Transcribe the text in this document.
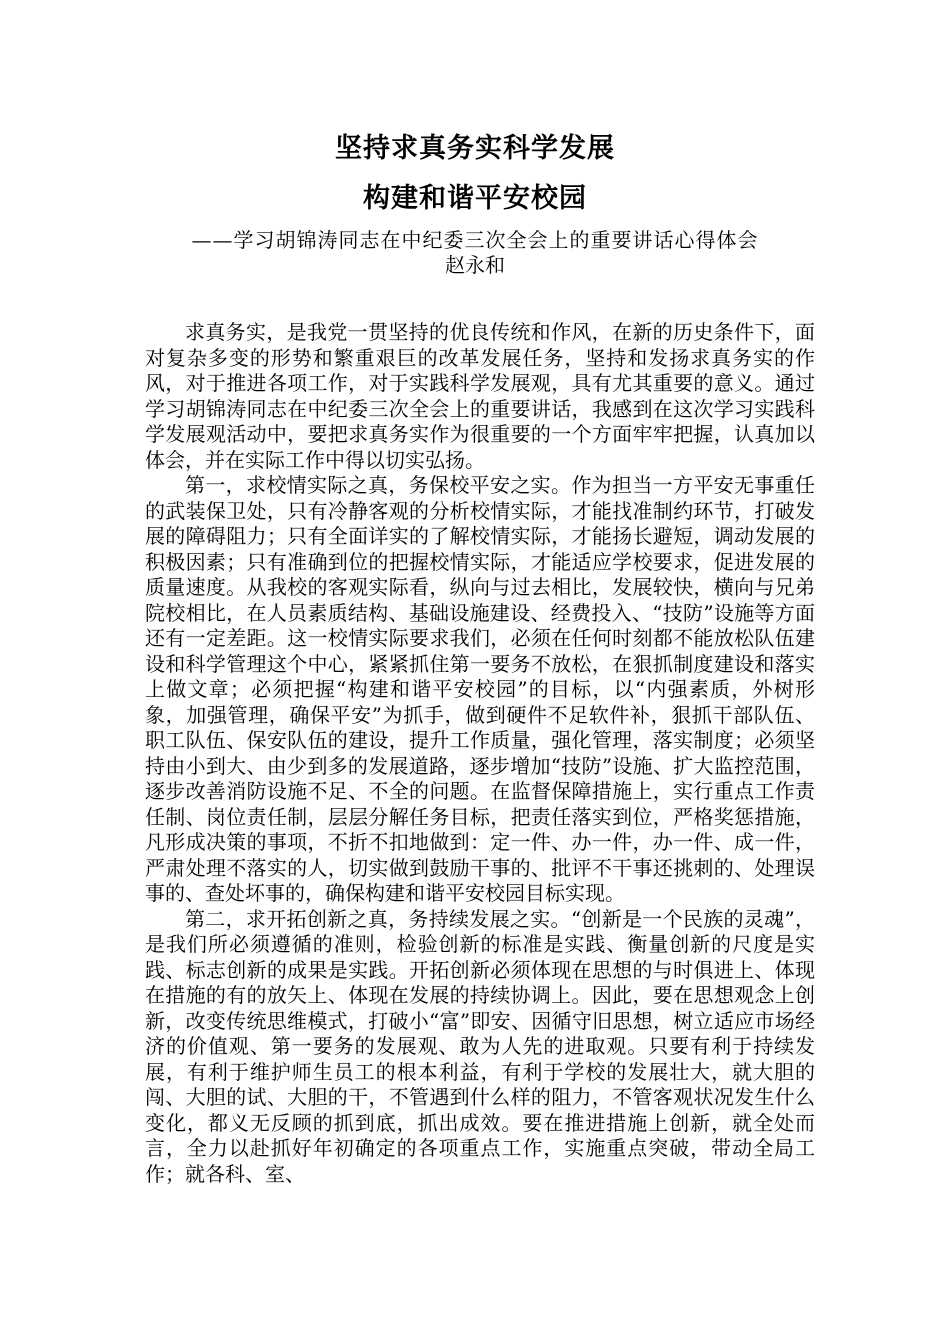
坚持求真务实科学发展
构建和谐平安校园
——学习胡锦涛同志在中纪委三次全会上的重要讲话心得体会
赵永和

求真务实，是我党一贯坚持的优良传统和作风，在新的历史条件下，面对复杂多变的形势和繁重艰巨的改革发展任务，坚持和发扬求真务实的作风，对于推进各项工作，对于实践科学发展观，具有尤其重要的意义。通过学习胡锦涛同志在中纪委三次全会上的重要讲话，我感到在这次学习实践科学发展观活动中，要把求真务实作为很重要的一个方面牢牢把握，认真加以体会，并在实际工作中得以切实弘扬。

第一，求校情实际之真，务保校平安之实。作为担当一方平安无事重任的武装保卫处，只有冷静客观的分析校情实际，才能找准制约环节，打破发展的障碍阻力；只有全面详实的了解校情实际，才能扬长避短，调动发展的积极因素；只有准确到位的把握校情实际，才能适应学校要求，促进发展的质量速度。从我校的客观实际看，纵向与过去相比，发展较快，横向与兄弟院校相比，在人员素质结构、基础设施建设、经费投入、“技防”设施等方面还有一定差距。这一校情实际要求我们，必须在任何时刻都不能放松队伍建设和科学管理这个中心，紧紧抓住第一要务不放松，在狠抓制度建设和落实上做文章；必须把握“构建和谐平安校园”的目标，以“内强素质，外树形象，加强管理，确保平安”为抓手，做到硬件不足软件补，狠抓干部队伍、职工队伍、保安队伍的建设，提升工作质量，强化管理，落实制度；必须坚持由小到大、由少到多的发展道路，逐步增加“技防”设施、扩大监控范围，逐步改善消防设施不足、不全的问题。在监督保障措施上，实行重点工作责任制、岗位责任制，层层分解任务目标，把责任落实到位，严格奖惩措施，凡形成决策的事项，不折不扣地做到：定一件、办一件，办一件、成一件，严肃处理不落实的人，切实做到鼓励干事的、批评不干事还挑刺的、处理误事的、查处坏事的，确保构建和谐平安校园目标实现。

第二，求开拓创新之真，务持续发展之实。“创新是一个民族的灵魂”，是我们所必须遵循的准则，检验创新的标准是实践、衡量创新的尺度是实践、标志创新的成果是实践。开拓创新必须体现在思想的与时俱进上、体现在措施的有的放矢上、体现在发展的持续协调上。因此，要在思想观念上创新，改变传统思维模式，打破小“富”即安、因循守旧思想，树立适应市场经济的价值观、第一要务的发展观、敢为人先的进取观。只要有利于持续发展，有利于维护师生员工的根本利益，有利于学校的发展壮大，就大胆的闯、大胆的试、大胆的干，不管遇到什么样的阻力，不管客观状况发生什么变化，都义无反顾的抓到底，抓出成效。要在推进措施上创新，就全处而言，全力以赴抓好年初确定的各项重点工作，实施重点突破，带动全局工作；就各科、室、
